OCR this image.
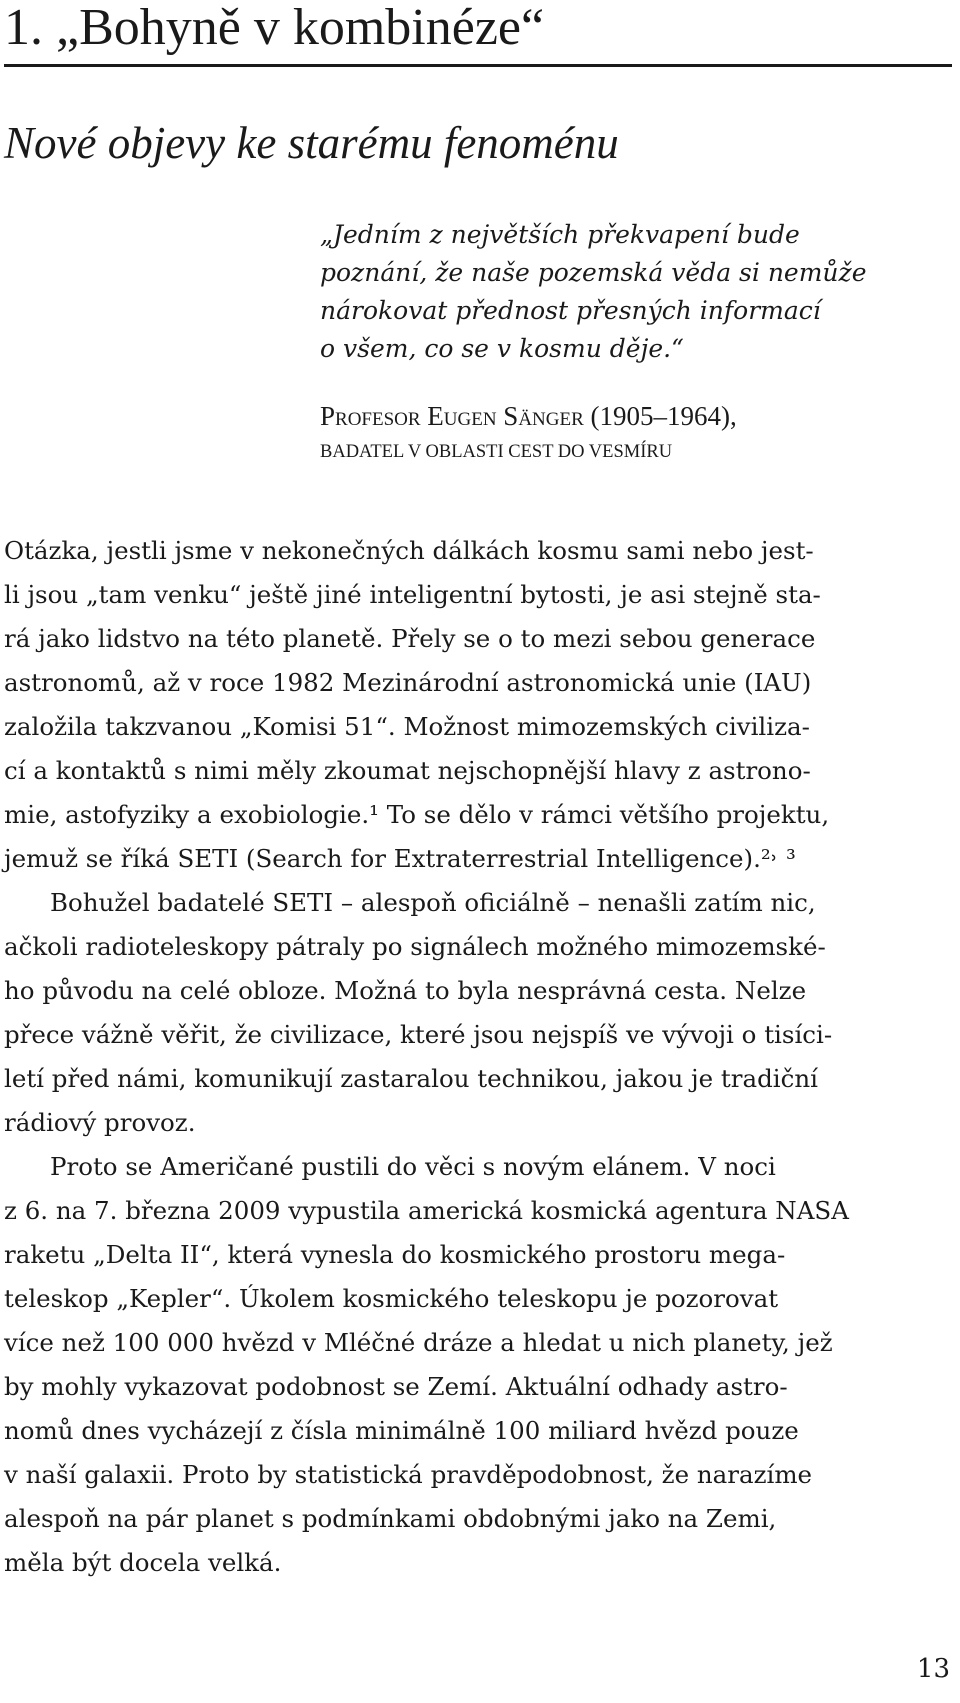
1. „Bohyně v kombinéze“
Nové objevy ke starému fenoménu
„Jedním z největších překvapení bude
poznání, že naše pozemská věda si nemůže
nárokovat přednost přesných informací
o všem, co se v kosmu děje.“
Profesor Eugen Sänger (1905–1964),
BADATEL V OBLASTI CEST DO VESMÍRU
Otázka, jestli jsme v nekonečných dálkách kosmu sami nebo jest-
li jsou „tam venku“ ještě jiné inteligentní bytosti, je asi stejně sta-
rá jako lidstvo na této planetě. Přely se o to mezi sebou generace
astronomů, až v roce 1982 Mezinárodní astronomická unie (IAU)
založila takzvanou „Komisi 51“. Možnost mimozemských civiliza-
cí a kontaktů s nimi měly zkoumat nejschopnější hlavy z astrono-
mie, astofyziky a exobiologie.¹ To se dělo v rámci většího projektu,
jemuž se říká SETI (Search for Extraterrestrial Intelligence).²˒ ³
Bohužel badatelé SETI – alespoň oficiálně – nenašli zatím nic,
ačkoli radioteleskopy pátraly po signálech možného mimozemské-
ho původu na celé obloze. Možná to byla nesprávná cesta. Nelze
přece vážně věřit, že civilizace, které jsou nejspíš ve vývoji o tisíci-
letí před námi, komunikují zastaralou technikou, jakou je tradiční
rádiový provoz.
Proto se Američané pustili do věci s novým elánem. V noci
z 6. na 7. března 2009 vypustila americká kosmická agentura NASA
raketu „Delta II“, která vynesla do kosmického prostoru mega-
teleskop „Kepler“. Úkolem kosmického teleskopu je pozorovat
více než 100 000 hvězd v Mléčné dráze a hledat u nich planety, jež
by mohly vykazovat podobnost se Zemí. Aktuální odhady astro-
nomů dnes vycházejí z čísla minimálně 100 miliard hvězd pouze
v naší galaxii. Proto by statistická pravděpodobnost, že narazíme
alespoň na pár planet s podmínkami obdobnými jako na Zemi,
měla být docela velká.

13
